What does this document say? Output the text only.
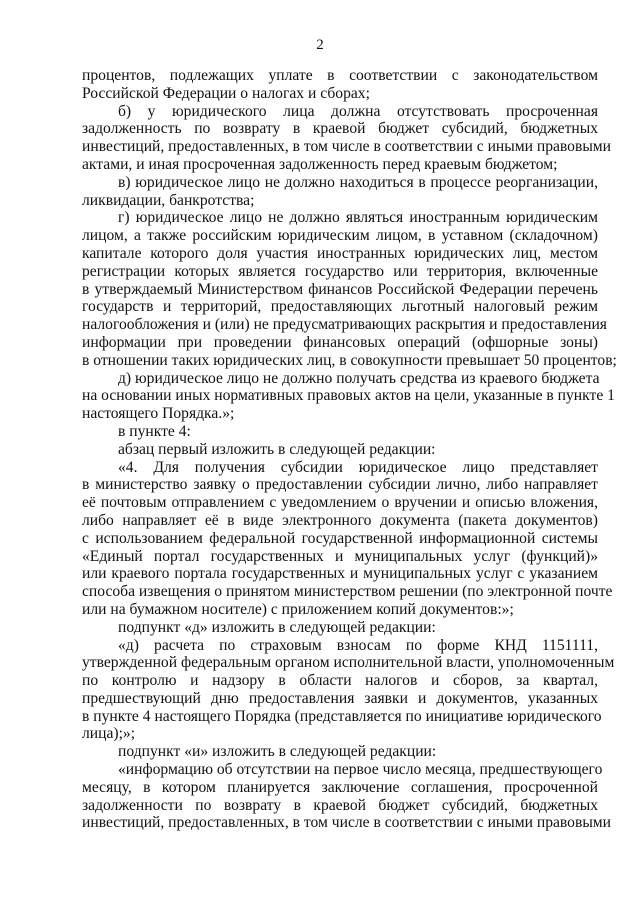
2
процентов, подлежащих уплате в соответствии с законодательством
Российской Федерации о налогах и сборах;
б) у юридического лица должна отсутствовать просроченная
задолженность по возврату в краевой бюджет субсидий, бюджетных
инвестиций, предоставленных, в том числе в соответствии с иными правовыми
актами, и иная просроченная задолженность перед краевым бюджетом;
в) юридическое лицо не должно находиться в процессе реорганизации,
ликвидации, банкротства;
г) юридическое лицо не должно являться иностранным юридическим
лицом, а также российским юридическим лицом, в уставном (складочном)
капитале которого доля участия иностранных юридических лиц, местом
регистрации которых является государство или территория, включенные
в утверждаемый Министерством финансов Российской Федерации перечень
государств и территорий, предоставляющих льготный налоговый режим
налогообложения и (или) не предусматривающих раскрытия и предоставления
информации при проведении финансовых операций (офшорные зоны)
в отношении таких юридических лиц, в совокупности превышает 50 процентов;
д) юридическое лицо не должно получать средства из краевого бюджета
на основании иных нормативных правовых актов на цели, указанные в пункте 1
настоящего Порядка.»;
в пункте 4:
абзац первый изложить в следующей редакции:
«4. Для получения субсидии юридическое лицо представляет
в министерство заявку о предоставлении субсидии лично, либо направляет
её почтовым отправлением с уведомлением о вручении и описью вложения,
либо направляет её в виде электронного документа (пакета документов)
с использованием федеральной государственной информационной системы
«Единый портал государственных и муниципальных услуг (функций)»
или краевого портала государственных и муниципальных услуг с указанием
способа извещения о принятом министерством решении (по электронной почте
или на бумажном носителе) с приложением копий документов:»;
подпункт «д» изложить в следующей редакции:
«д) расчета по страховым взносам по форме КНД 1151111,
утвержденной федеральным органом исполнительной власти, уполномоченным
по контролю и надзору в области налогов и сборов, за квартал,
предшествующий дню предоставления заявки и документов, указанных
в пункте 4 настоящего Порядка (представляется по инициативе юридического
лица);»;
подпункт «и» изложить в следующей редакции:
«информацию об отсутствии на первое число месяца, предшествующего
месяцу, в котором планируется заключение соглашения, просроченной
задолженности по возврату в краевой бюджет субсидий, бюджетных
инвестиций, предоставленных, в том числе в соответствии с иными правовыми
